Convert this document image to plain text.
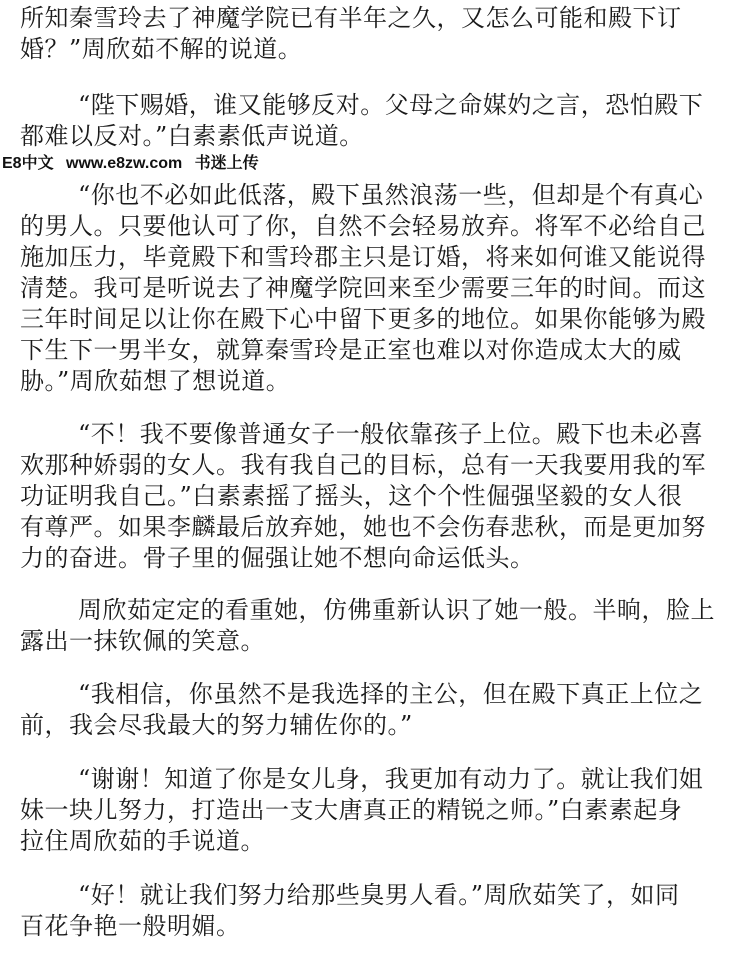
所知秦雪玲去了神魔学院已有半年之久，又怎么可能和殿下订
婚？”周欣茹不解的说道。
“陛下赐婚，谁又能够反对。父母之命媒妁之言，恐怕殿下
都难以反对。”白素素低声说道。
E8中文 www.e8zw.com 书迷上传
“你也不必如此低落，殿下虽然浪荡一些，但却是个有真心
的男人。只要他认可了你，自然不会轻易放弃。将军不必给自己
施加压力，毕竟殿下和雪玲郡主只是订婚，将来如何谁又能说得
清楚。我可是听说去了神魔学院回来至少需要三年的时间。而这
三年时间足以让你在殿下心中留下更多的地位。如果你能够为殿
下生下一男半女，就算秦雪玲是正室也难以对你造成太大的威
胁。”周欣茹想了想说道。
“不！我不要像普通女子一般依靠孩子上位。殿下也未必喜
欢那种娇弱的女人。我有我自己的目标，总有一天我要用我的军
功证明我自己。”白素素摇了摇头，这个个性倔强坚毅的女人很
有尊严。如果李麟最后放弃她，她也不会伤春悲秋，而是更加努
力的奋进。骨子里的倔强让她不想向命运低头。
周欣茹定定的看重她，仿佛重新认识了她一般。半晌，脸上
露出一抹钦佩的笑意。
“我相信，你虽然不是我选择的主公，但在殿下真正上位之
前，我会尽我最大的努力辅佐你的。”
“谢谢！知道了你是女儿身，我更加有动力了。就让我们姐
妹一块儿努力，打造出一支大唐真正的精锐之师。”白素素起身
拉住周欣茹的手说道。
“好！就让我们努力给那些臭男人看。”周欣茹笑了，如同
百花争艳一般明媚。
